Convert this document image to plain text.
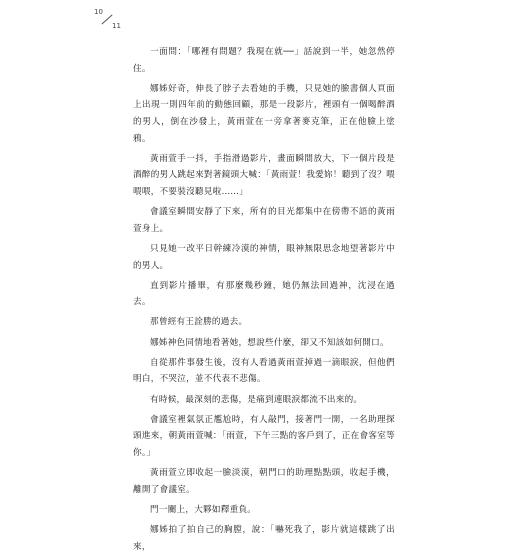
10
11

一面問：「哪裡有問題？我現在就──」話說到一半，她忽然停住。

娜姊好奇，伸長了脖子去看她的手機，只見她的臉書個人頁面上出現一則四年前的動態回顧，那是一段影片，裡頭有一個喝醉酒的男人，倒在沙發上，黃雨萱在一旁拿著麥克筆，正在他臉上塗鴉。

黃雨萱手一抖，手指滑過影片，畫面瞬間放大，下一個片段是酒醉的男人跳起來對著鏡頭大喊：「黃雨萱！我愛妳！聽到了沒？喂喂喂，不要裝沒聽見啦……」

會議室瞬間安靜了下來，所有的目光都集中在傍帶不語的黃雨萱身上。

只見她一改平日幹練冷漠的神情，眼神無限思念地望著影片中的男人。

直到影片播畢，有那麼幾秒鐘，她仍無法回過神，沈浸在過去。

那曾經有王詮勝的過去。

娜姊神色同情地看著她，想說些什麼，卻又不知該如何開口。

自從那件事發生後，沒有人看過黃雨萱掉過一滴眼淚，但他們明白，不哭泣，並不代表不悲傷。

有時候，最深刻的悲傷，是痛到連眼淚都流不出來的。

會議室裡氣氛正尷尬時，有人敲門，接著門一開，一名助理探頭進來，朝黃雨萱喊：「雨萱，下午三點的客戶到了，正在會客室等你。」

黃雨萱立即收起一臉淡漠，朝門口的助理點點頭，收起手機，離開了會議室。

門一關上，大夥如釋重負。

娜姊拍了拍自己的胸膛，說：「嚇死我了，影片就這樣跳了出來，
